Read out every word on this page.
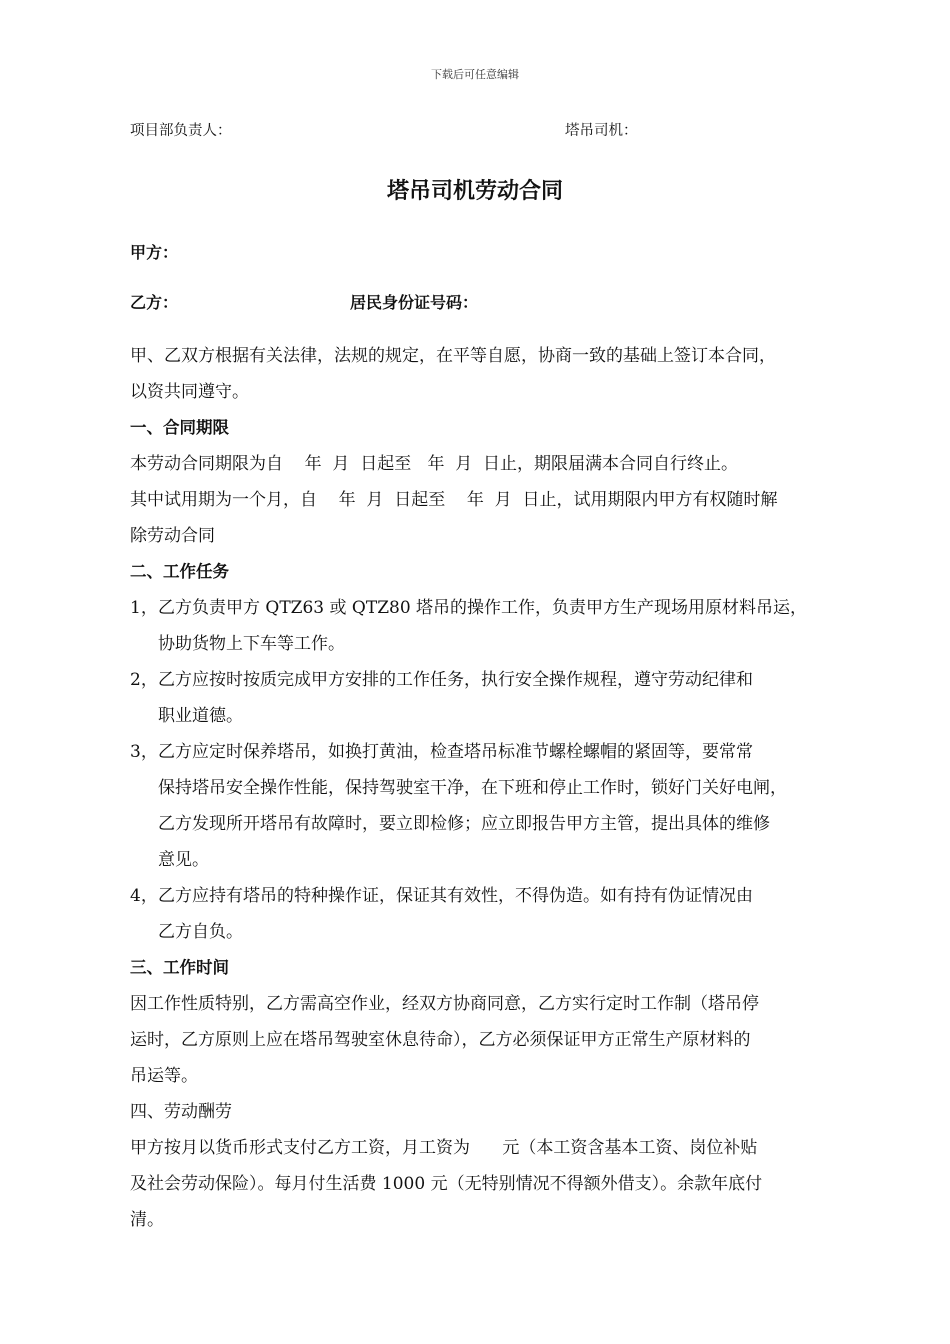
下载后可任意编辑
项目部负责人：	塔吊司机：
塔吊司机劳动合同
甲方：
乙方：	居民身份证号码：

甲、乙双方根据有关法律，法规的规定，在平等自愿，协商一致的基础上签订本合同，

以资共同遵守。

一、合同期限

本劳动合同期限为自    年  月  日起至   年  月  日止，期限届满本合同自行终止。

其中试用期为一个月，自    年  月  日起至    年  月  日止，试用期限内甲方有权随时解

除劳动合同

二、工作任务

1， 乙方负责甲方 QTZ63 或 QTZ80 塔吊的操作工作，负责甲方生产现场用原材料吊运，
协助货物上下车等工作。
2， 乙方应按时按质完成甲方安排的工作任务，执行安全操作规程，遵守劳动纪律和
职业道德。
3， 乙方应定时保养塔吊，如换打黄油，检查塔吊标准节螺栓螺帽的紧固等，要常常
保持塔吊安全操作性能，保持驾驶室干净，在下班和停止工作时，锁好门关好电闸，
乙方发现所开塔吊有故障时，要立即检修；应立即报告甲方主管，提出具体的维修
意见。
4， 乙方应持有塔吊的特种操作证，保证其有效性，不得伪造。如有持有伪证情况由
乙方自负。

三、工作时间

因工作性质特别，乙方需高空作业，经双方协商同意，乙方实行定时工作制（塔吊停

运时，乙方原则上应在塔吊驾驶室休息待命），乙方必须保证甲方正常生产原材料的

吊运等。

四、劳动酬劳

甲方按月以货币形式支付乙方工资，月工资为      元（本工资含基本工资、岗位补贴

及社会劳动保险）。每月付生活费 1000 元（无特别情况不得额外借支）。余款年底付

清。
